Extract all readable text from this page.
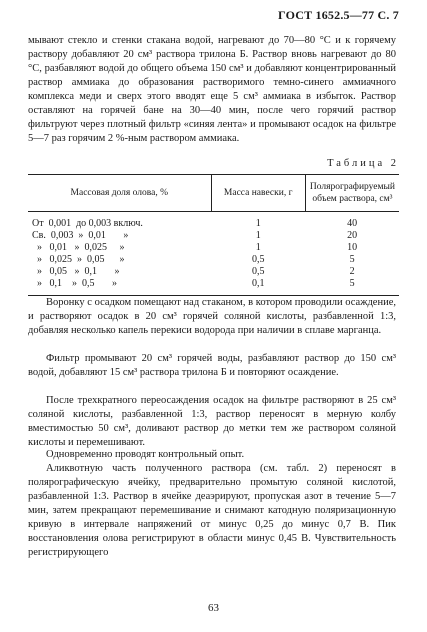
ГОСТ 1652.5—77 С. 7

мывают стекло и стенки стакана водой, нагревают до 70—80 °С и к горячему раствору добавляют 20 см³ раствора трилона Б. Раствор вновь нагревают до 80 °С, разбавляют водой до общего объема 150 см³ и добавляют концентрированный раствор аммиака до образования растворимого темно-синего аммиачного комплекса меди и сверх этого вводят еще 5 см³ аммиака в избыток. Раствор оставляют на горячей бане на 30—40 мин, после чего горячий раствор фильтруют через плотный фильтр «синяя лента» и промывают осадок на фильтре 5—7 раз горячим 2 %-ным раствором аммиака.

Таблица 2
Массовая доля олова, %	Масса навески, г	Полярографируемый объем раствора, см³
От  0,001  до 0,003 включ.	1	40
Св.  0,003  »  0,01       »	1	20
»   0,01   »  0,025     »	1	10
»   0,025  »  0,05      »	0,5	5
»   0,05   »  0,1       »	0,5	2
»   0,1    »  0,5       »	0,1	5

Воронку с осадком помещают над стаканом, в котором проводили осаждение, и растворяют осадок в 20 см³ горячей соляной кислоты, разбавленной 1:3, добавляя несколько капель перекиси водорода при наличии в сплаве марганца.

Фильтр промывают 20 см³ горячей воды, разбавляют раствор до 150 см³ водой, добавляют 15 см³ раствора трилона Б и повторяют осаждение.

После трехкратного переосаждения осадок на фильтре растворяют в 25 см³ соляной кислоты, разбавленной 1:3, раствор переносят в мерную колбу вместимостью 50 см³, доливают раствор до метки тем же раствором соляной кислоты и перемешивают.

Одновременно проводят контрольный опыт.

Аликвотную часть полученного раствора (см. табл. 2) переносят в полярографическую ячейку, предварительно промытую соляной кислотой, разбавленной 1:3. Раствор в ячейке деаэрируют, пропуская азот в течение 5—7 мин, затем прекращают перемешивание и снимают катодную поляризационную кривую в интервале напряжений от минус 0,25 до минус 0,7 В. Пик восстановления олова регистрируют в области минус 0,45 В. Чувствительность регистрирующего

63
